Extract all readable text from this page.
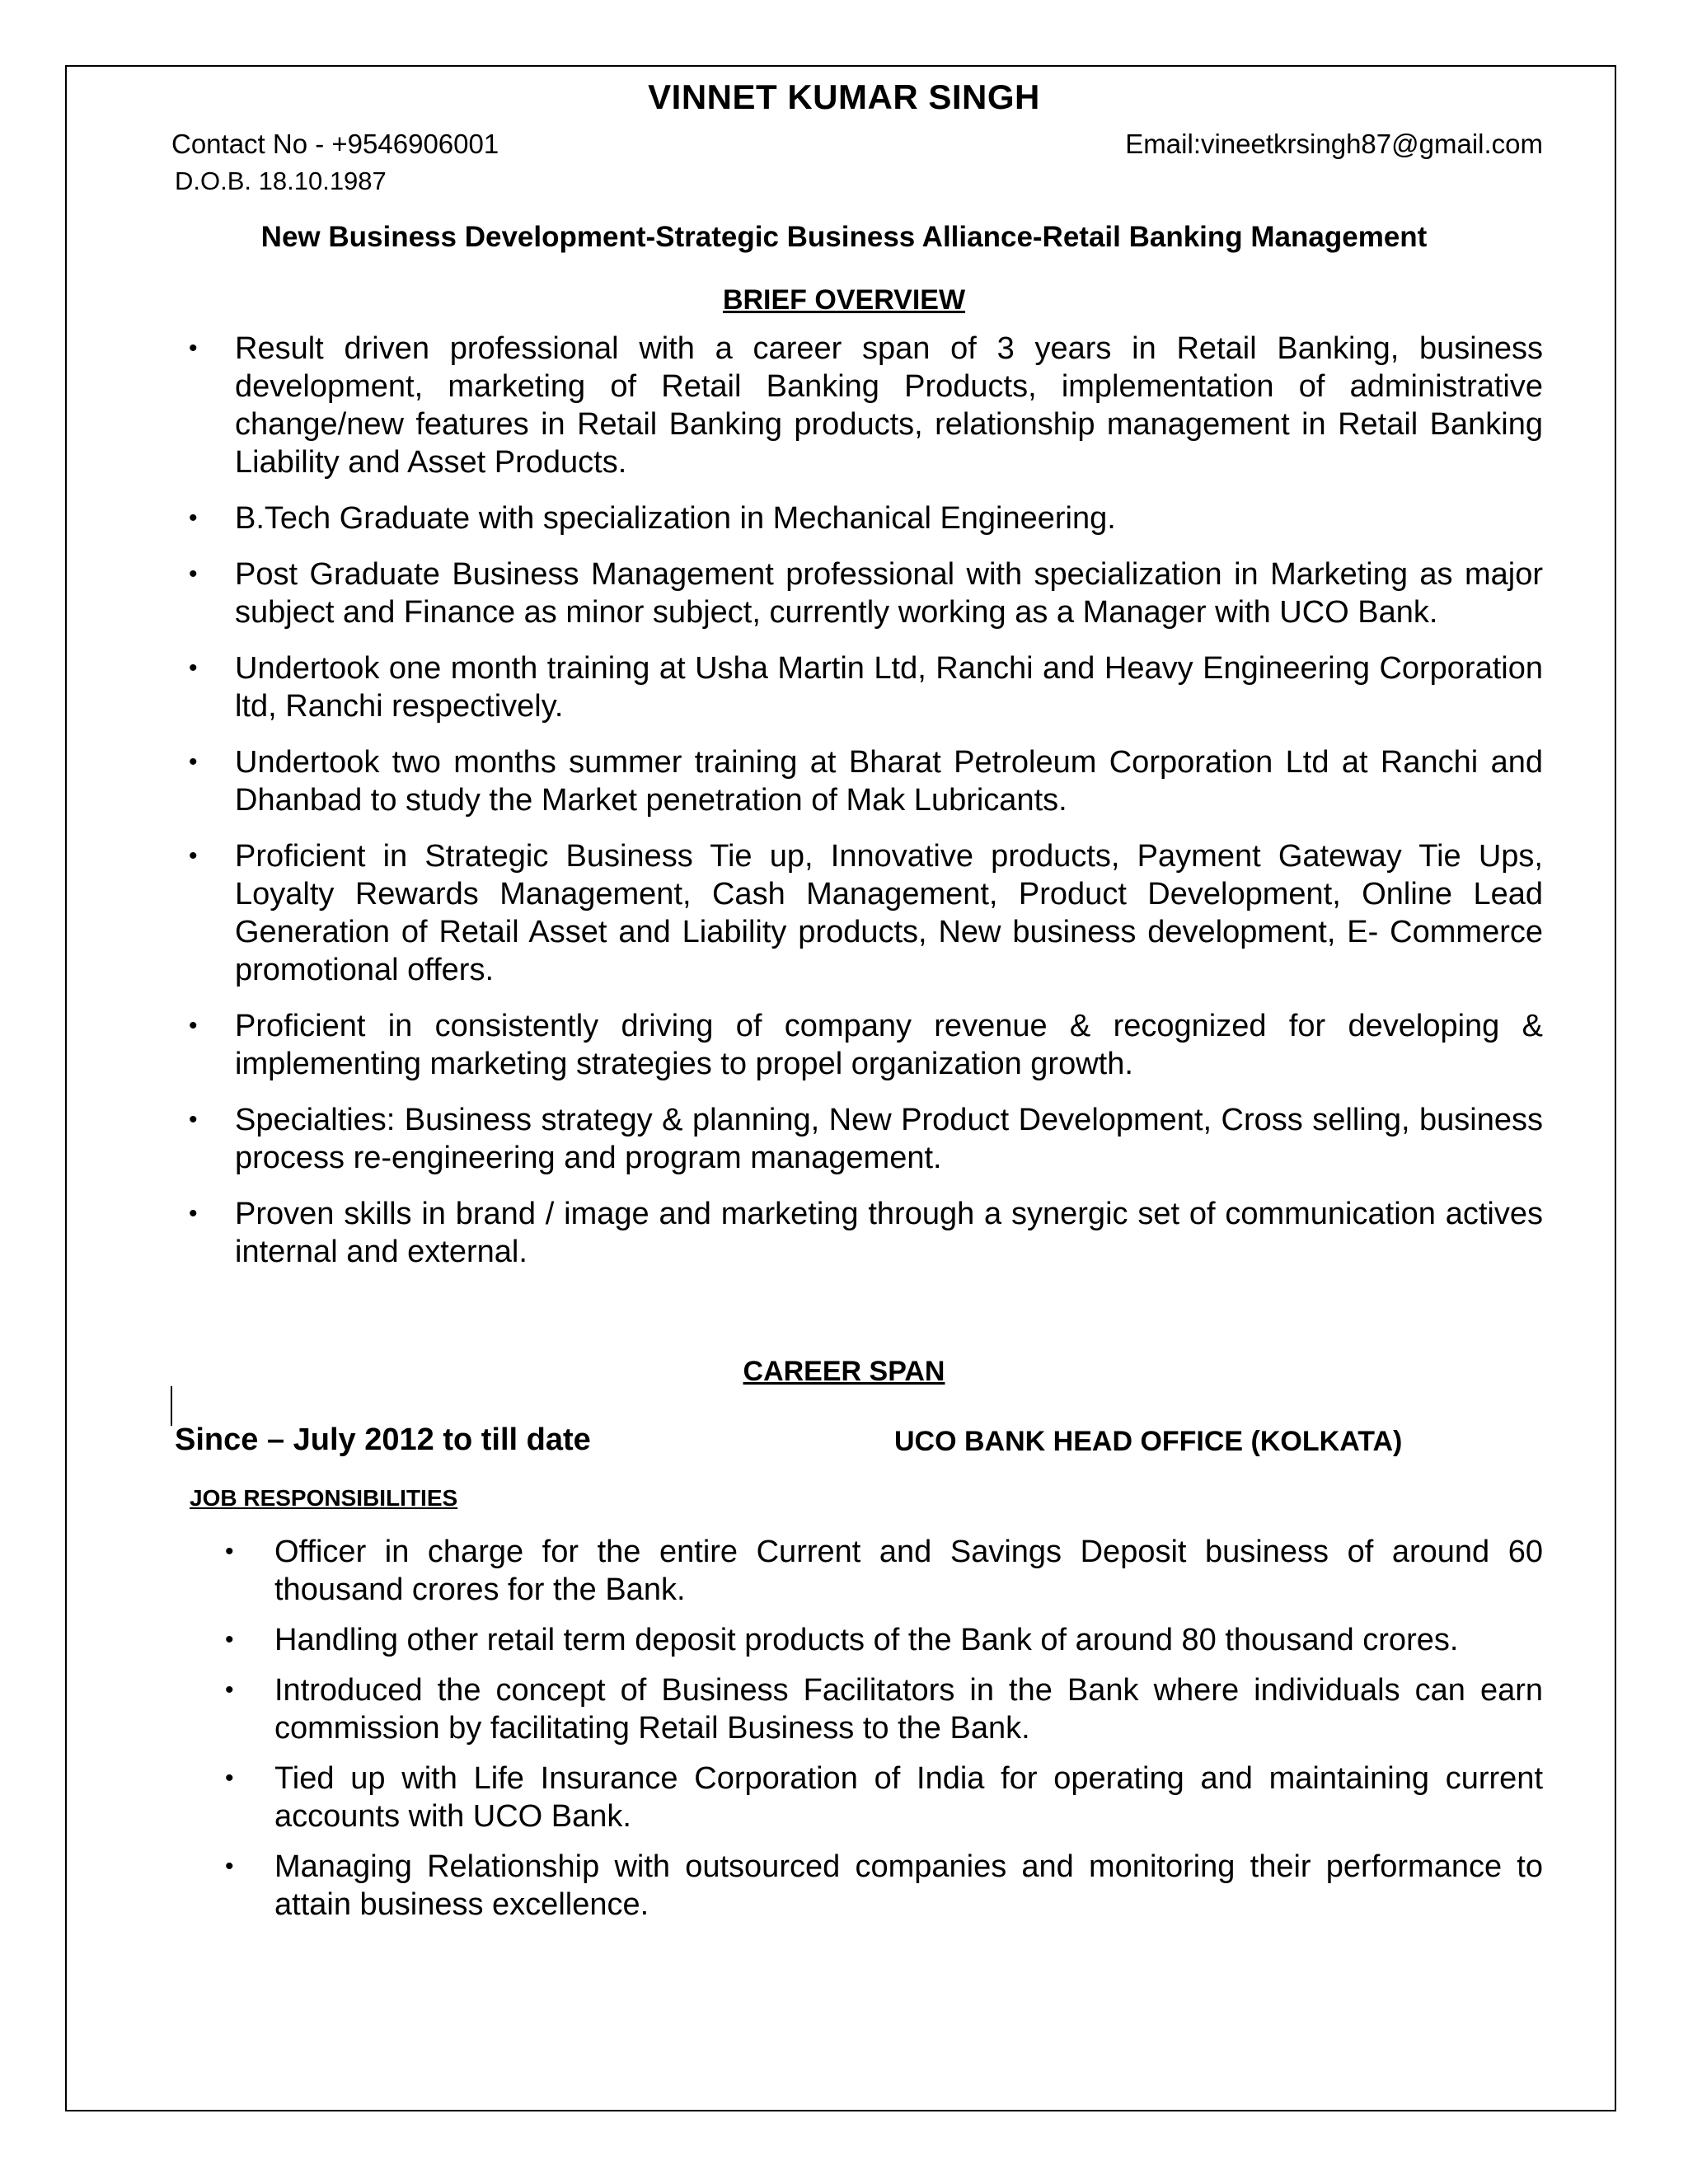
VINNET KUMAR SINGH
Contact No - +9546906001	Email:vineetkrsingh87@gmail.com
D.O.B. 18.10.1987
New Business Development-Strategic Business Alliance-Retail Banking Management
BRIEF OVERVIEW
• Result driven professional with a career span of 3 years in Retail Banking, business development, marketing of Retail Banking Products, implementation of administrative change/new features in Retail Banking products, relationship management in Retail Banking Liability and Asset Products.
• B.Tech Graduate with specialization in Mechanical Engineering.
• Post Graduate Business Management professional with specialization in Marketing as major subject and Finance as minor subject, currently working as a Manager with UCO Bank.
• Undertook one month training at Usha Martin Ltd, Ranchi and Heavy Engineering Corporation ltd, Ranchi respectively.
• Undertook two months summer training at Bharat Petroleum Corporation Ltd at Ranchi and Dhanbad to study the Market penetration of Mak Lubricants.
• Proficient in Strategic Business Tie up, Innovative products, Payment Gateway Tie Ups, Loyalty Rewards Management, Cash Management, Product Development, Online Lead Generation of Retail Asset and Liability products, New business development, E- Commerce promotional offers.
• Proficient in consistently driving of company revenue & recognized for developing & implementing marketing strategies to propel organization growth.
• Specialties: Business strategy & planning, New Product Development, Cross selling, business process re-engineering and program management.
• Proven skills in brand / image and marketing through a synergic set of communication actives internal and external.
CAREER SPAN
Since – July 2012 to till date	UCO BANK HEAD OFFICE (KOLKATA)
JOB RESPONSIBILITIES
• Officer in charge for the entire Current and Savings Deposit business of around 60 thousand crores for the Bank.
• Handling other retail term deposit products of the Bank of around 80 thousand crores.
• Introduced the concept of Business Facilitators in the Bank where individuals can earn commission by facilitating Retail Business to the Bank.
• Tied up with Life Insurance Corporation of India for operating and maintaining current accounts with UCO Bank.
• Managing Relationship with outsourced companies and monitoring their performance to attain business excellence.
